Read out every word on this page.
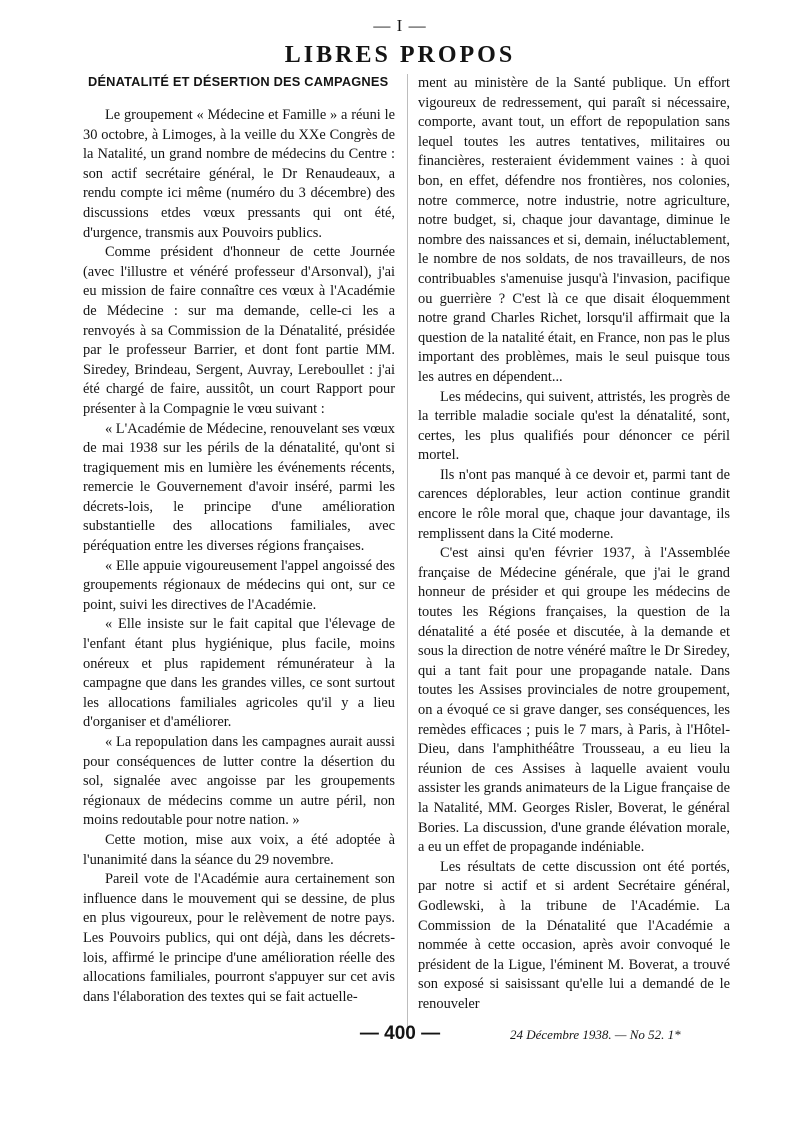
— I —
LIBRES PROPOS
DÉNATALITÉ ET DÉSERTION DES CAMPAGNES

Le groupement « Médecine et Famille » a réuni le 30 octobre, à Limoges, à la veille du XXe Congrès de la Natalité, un grand nombre de médecins du Centre : son actif secrétaire général, le Dr Renaudeaux, a rendu compte ici même (numéro du 3 décembre) des discussions etdes vœux pressants qui ont été, d'urgence, transmis aux Pouvoirs publics.

Comme président d'honneur de cette Journée (avec l'illustre et vénéré professeur d'Arsonval), j'ai eu mission de faire connaître ces vœux à l'Académie de Médecine : sur ma demande, celle-ci les a renvoyés à sa Commission de la Dénatalité, présidée par le professeur Barrier, et dont font partie MM. Siredey, Brindeau, Sergent, Auvray, Lereboullet : j'ai été chargé de faire, aussitôt, un court Rapport pour présenter à la Compagnie le vœu suivant :

« L'Académie de Médecine, renouvelant ses vœux de mai 1938 sur les périls de la dénatalité, qu'ont si tragiquement mis en lumière les événements récents, remercie le Gouvernement d'avoir inséré, parmi les décrets-lois, le principe d'une amélioration substantielle des allocations familiales, avec péréquation entre les diverses régions françaises.

« Elle appuie vigoureusement l'appel angoissé des groupements régionaux de médecins qui ont, sur ce point, suivi les directives de l'Académie.

« Elle insiste sur le fait capital que l'élevage de l'enfant étant plus hygiénique, plus facile, moins onéreux et plus rapidement rémunérateur à la campagne que dans les grandes villes, ce sont surtout les allocations familiales agricoles qu'il y a lieu d'organiser et d'améliorer.

« La repopulation dans les campagnes aurait aussi pour conséquences de lutter contre la désertion du sol, signalée avec angoisse par les groupements régionaux de médecins comme un autre péril, non moins redoutable pour notre nation. »

Cette motion, mise aux voix, a été adoptée à l'unanimité dans la séance du 29 novembre.

Pareil vote de l'Académie aura certainement son influence dans le mouvement qui se dessine, de plus en plus vigoureux, pour le relèvement de notre pays. Les Pouvoirs publics, qui ont déjà, dans les décrets-lois, affirmé le principe d'une amélioration réelle des allocations familiales, pourront s'appuyer sur cet avis dans l'élaboration des textes qui se fait actuelle-

ment au ministère de la Santé publique. Un effort vigoureux de redressement, qui paraît si nécessaire, comporte, avant tout, un effort de repopulation sans lequel toutes les autres tentatives, militaires ou financières, resteraient évidemment vaines : à quoi bon, en effet, défendre nos frontières, nos colonies, notre commerce, notre industrie, notre agriculture, notre budget, si, chaque jour davantage, diminue le nombre des naissances et si, demain, inéluctablement, le nombre de nos soldats, de nos travailleurs, de nos contribuables s'amenuise jusqu'à l'invasion, pacifique ou guerrière ? C'est là ce que disait éloquemment notre grand Charles Richet, lorsqu'il affirmait que la question de la natalité était, en France, non pas le plus important des problèmes, mais le seul puisque tous les autres en dépendent...

Les médecins, qui suivent, attristés, les progrès de la terrible maladie sociale qu'est la dénatalité, sont, certes, les plus qualifiés pour dénoncer ce péril mortel.

Ils n'ont pas manqué à ce devoir et, parmi tant de carences déplorables, leur action continue grandit encore le rôle moral que, chaque jour davantage, ils remplissent dans la Cité moderne.

C'est ainsi qu'en février 1937, à l'Assemblée française de Médecine générale, que j'ai le grand honneur de présider et qui groupe les médecins de toutes les Régions françaises, la question de la dénatalité a été posée et discutée, à la demande et sous la direction de notre vénéré maître le Dr Siredey, qui a tant fait pour une propagande natale. Dans toutes les Assises provinciales de notre groupement, on a évoqué ce si grave danger, ses conséquences, les remèdes efficaces ; puis le 7 mars, à Paris, à l'Hôtel-Dieu, dans l'amphithéâtre Trousseau, a eu lieu la réunion de ces Assises à laquelle avaient voulu assister les grands animateurs de la Ligue française de la Natalité, MM. Georges Risler, Boverat, le général Bories. La discussion, d'une grande élévation morale, a eu un effet de propagande indéniable.

Les résultats de cette discussion ont été portés, par notre si actif et si ardent Secrétaire général, Godlewski, à la tribune de l'Académie. La Commission de la Dénatalité que l'Académie a nommée à cette occasion, après avoir convoqué le président de la Ligue, l'éminent M. Boverat, a trouvé son exposé si saisissant qu'elle lui a demandé de le renouveler

— 400 —	24 Décembre 1938. — No 52. 1*
